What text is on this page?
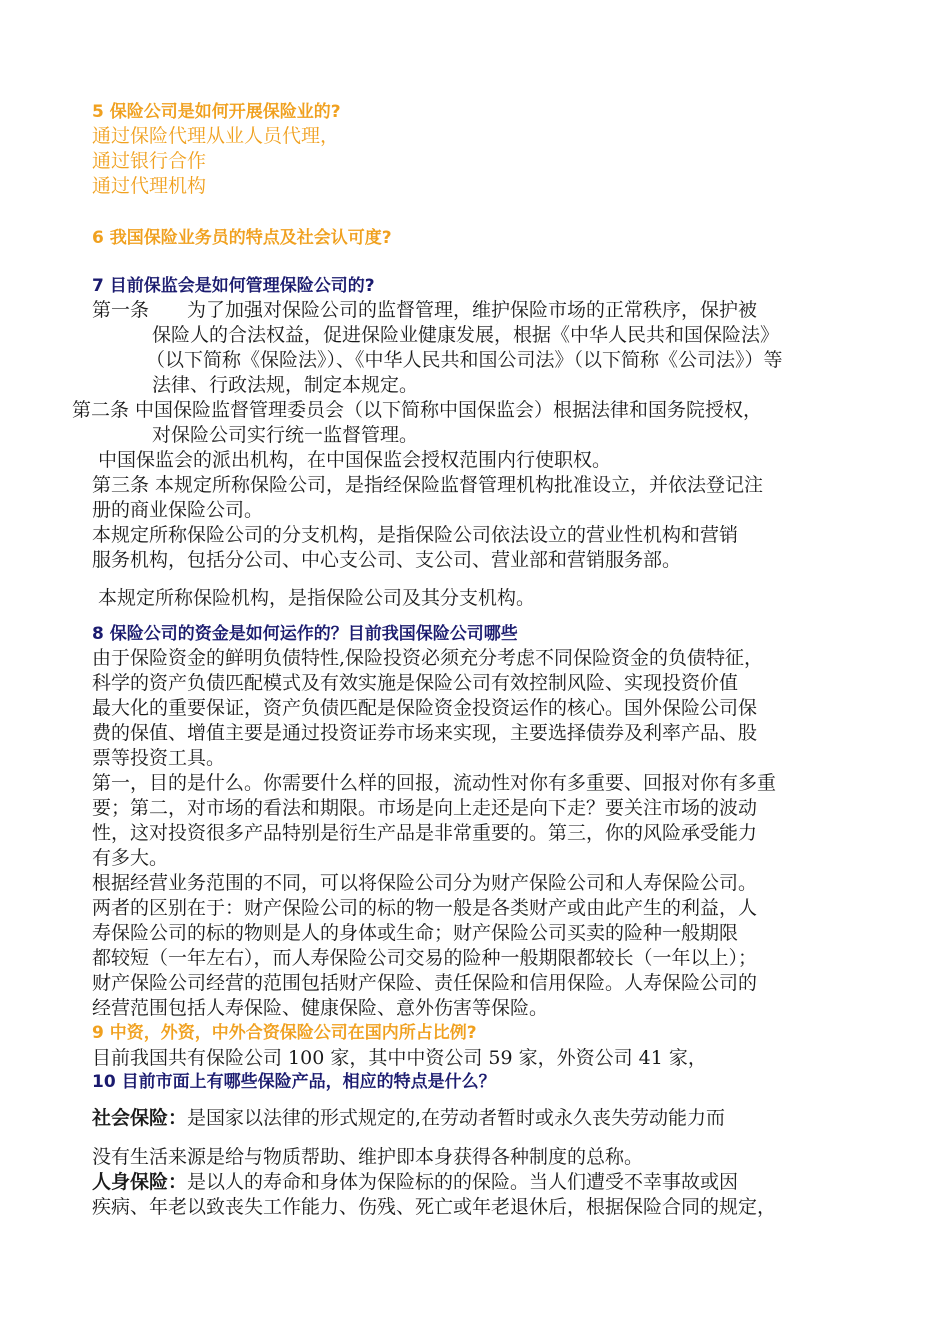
5 保险公司是如何开展保险业的?
通过保险代理从业人员代理，
通过银行合作
通过代理机构
6 我国保险业务员的特点及社会认可度?
7 目前保监会是如何管理保险公司的?
第一条　　为了加强对保险公司的监督管理，维护保险市场的正常秩序，保护被
保险人的合法权益，促进保险业健康发展，根据《中华人民共和国保险法》
（以下简称《保险法》）、《中华人民共和国公司法》（以下简称《公司法》）等
法律、行政法规，制定本规定。
第二条 中国保险监督管理委员会（以下简称中国保监会）根据法律和国务院授权，
对保险公司实行统一监督管理。
中国保监会的派出机构，在中国保监会授权范围内行使职权。
第三条 本规定所称保险公司，是指经保险监督管理机构批准设立，并依法登记注
册的商业保险公司。
本规定所称保险公司的分支机构，是指保险公司依法设立的营业性机构和营销
服务机构，包括分公司、中心支公司、支公司、营业部和营销服务部。
本规定所称保险机构，是指保险公司及其分支机构。
8 保险公司的资金是如何运作的？目前我国保险公司哪些
由于保险资金的鲜明负债特性,保险投资必须充分考虑不同保险资金的负债特征，
科学的资产负债匹配模式及有效实施是保险公司有效控制风险、实现投资价值
最大化的重要保证，资产负债匹配是保险资金投资运作的核心。国外保险公司保
费的保值、增值主要是通过投资证券市场来实现，主要选择债券及利率产品、股
票等投资工具。
第一，目的是什么。你需要什么样的回报，流动性对你有多重要、回报对你有多重
要；第二，对市场的看法和期限。市场是向上走还是向下走？要关注市场的波动
性，这对投资很多产品特别是衍生产品是非常重要的。第三，你的风险承受能力
有多大。
根据经营业务范围的不同，可以将保险公司分为财产保险公司和人寿保险公司。
两者的区别在于：财产保险公司的标的物一般是各类财产或由此产生的利益，人
寿保险公司的标的物则是人的身体或生命；财产保险公司买卖的险种一般期限
都较短（一年左右），而人寿保险公司交易的险种一般期限都较长（一年以上）；
财产保险公司经营的范围包括财产保险、责任保险和信用保险。人寿保险公司的
经营范围包括人寿保险、健康保险、意外伤害等保险。
9 中资，外资，中外合资保险公司在国内所占比例?
目前我国共有保险公司 100 家，其中中资公司 59 家，外资公司 41 家，
10 目前市面上有哪些保险产品，相应的特点是什么？
社会保险：是国家以法律的形式规定的,在劳动者暂时或永久丧失劳动能力而
没有生活来源是给与物质帮助、维护即本身获得各种制度的总称。
人身保险：是以人的寿命和身体为保险标的的保险。当人们遭受不幸事故或因
疾病、年老以致丧失工作能力、伤残、死亡或年老退休后，根据保险合同的规定，
